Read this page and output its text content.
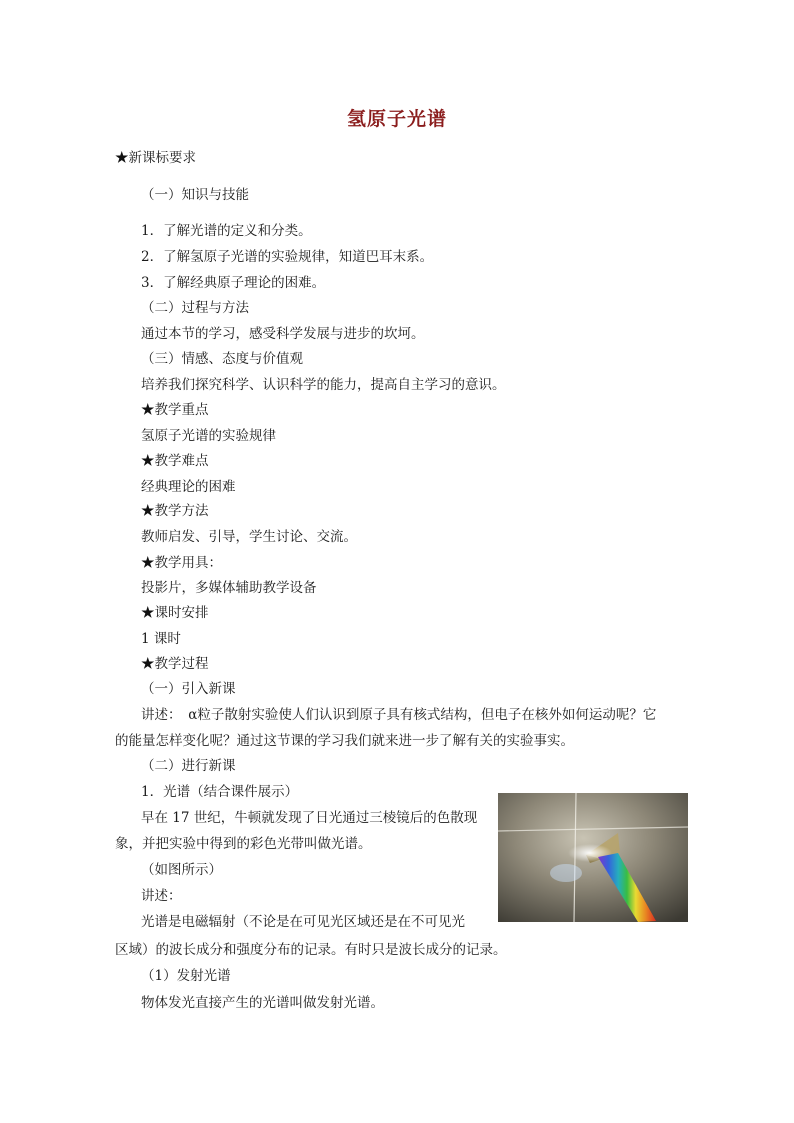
氢原子光谱
★ 新课标要求
（一）知识与技能
1．了解光谱的定义和分类。
2．了解氢原子光谱的实验规律，知道巴耳末系。
3．了解经典原子理论的困难。
（二）过程与方法
通过本节的学习，感受科学发展与进步的坎坷。
（三）情感、态度与价值观
培养我们探究科学、认识科学的能力，提高自主学习的意识。
★ 教学重点
氢原子光谱的实验规律
★ 教学难点
经典理论的困难
★ 教学方法
教师启发、引导，学生讨论、交流。
★ 教学用具：
投影片，多媒体辅助教学设备
★ 课时安排
1 课时
★ 教学过程
（一）引入新课
讲述：　α粒子散射实验使人们认识到原子具有核式结构，但电子在核外如何运动呢？它
的能量怎样变化呢？通过这节课的学习我们就来进一步了解有关的实验事实。
（二）进行新课
1．光谱（结合课件展示）
早在 17 世纪，牛顿就发现了日光通过三棱镜后的色散现
象，并把实验中得到的彩色光带叫做光谱。
（如图所示）
讲述：
光谱是电磁辐射（不论是在可见光区域还是在不可见光
区域）的波长成分和强度分布的记录。有时只是波长成分的记录。
（1）发射光谱
物体发光直接产生的光谱叫做发射光谱。
